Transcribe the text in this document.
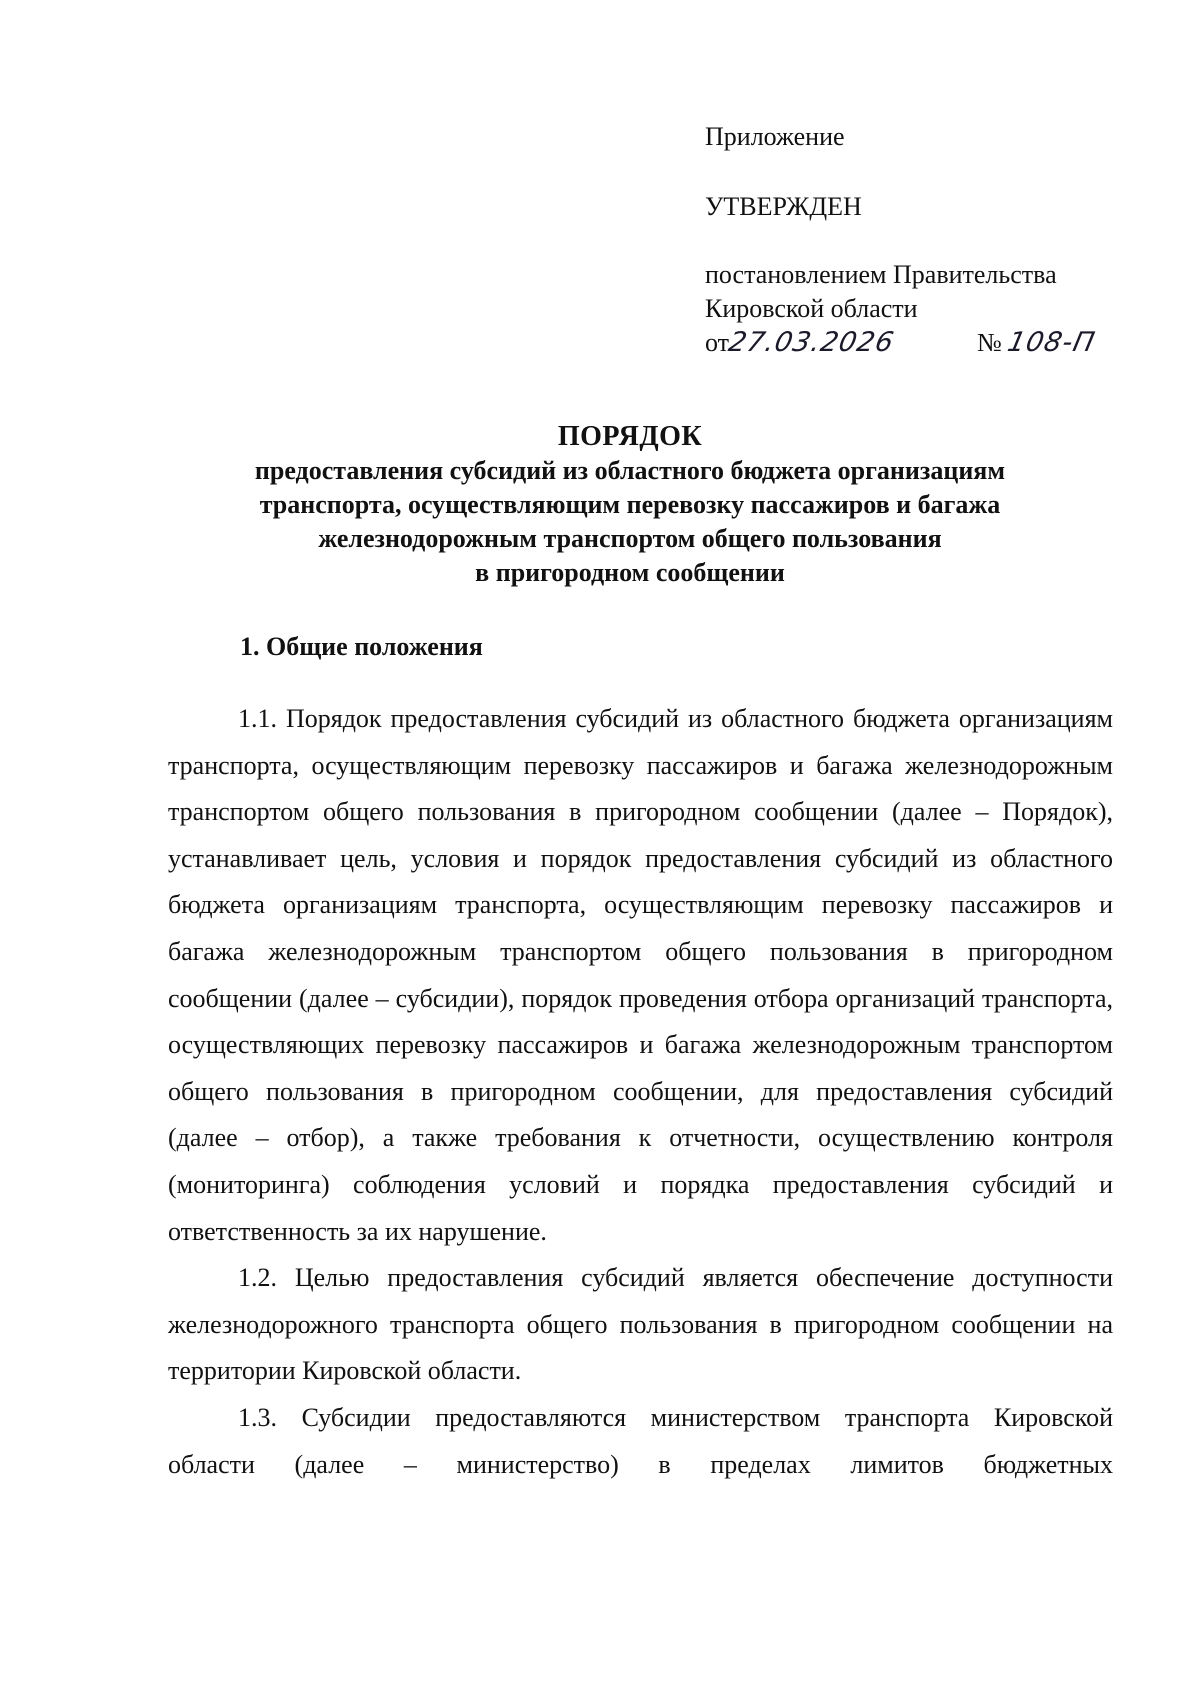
Приложение
УТВЕРЖДЕН
постановлением Правительства
Кировской области
от27.03.2026	№ 108-П
ПОРЯДОК
предоставления субсидий из областного бюджета организациям
транспорта, осуществляющим перевозку пассажиров и багажа
железнодорожным транспортом общего пользования
в пригородном сообщении
1. Общие положения

1.1. Порядок предоставления субсидий из областного бюджета организациям транспорта, осуществляющим перевозку пассажиров и багажа железнодорожным транспортом общего пользования в пригородном сообщении (далее – Порядок), устанавливает цель, условия и порядок предоставления субсидий из областного бюджета организациям транспорта, осуществляющим перевозку пассажиров и багажа железнодорожным транспортом общего пользования в пригородном сообщении (далее – субсидии), порядок проведения отбора организаций транспорта, осуществляющих перевозку пассажиров и багажа железнодорожным транспортом общего пользования в пригородном сообщении, для предоставления субсидий (далее – отбор), а также требования к отчетности, осуществлению контроля (мониторинга) соблюдения условий и порядка предоставления субсидий и ответственность за их нарушение.

1.2. Целью предоставления субсидий является обеспечение доступности железнодорожного транспорта общего пользования в пригородном сообщении на территории Кировской области.

1.3. Субсидии предоставляются министерством транспорта Кировской области (далее – министерство) в пределах лимитов бюджетных
